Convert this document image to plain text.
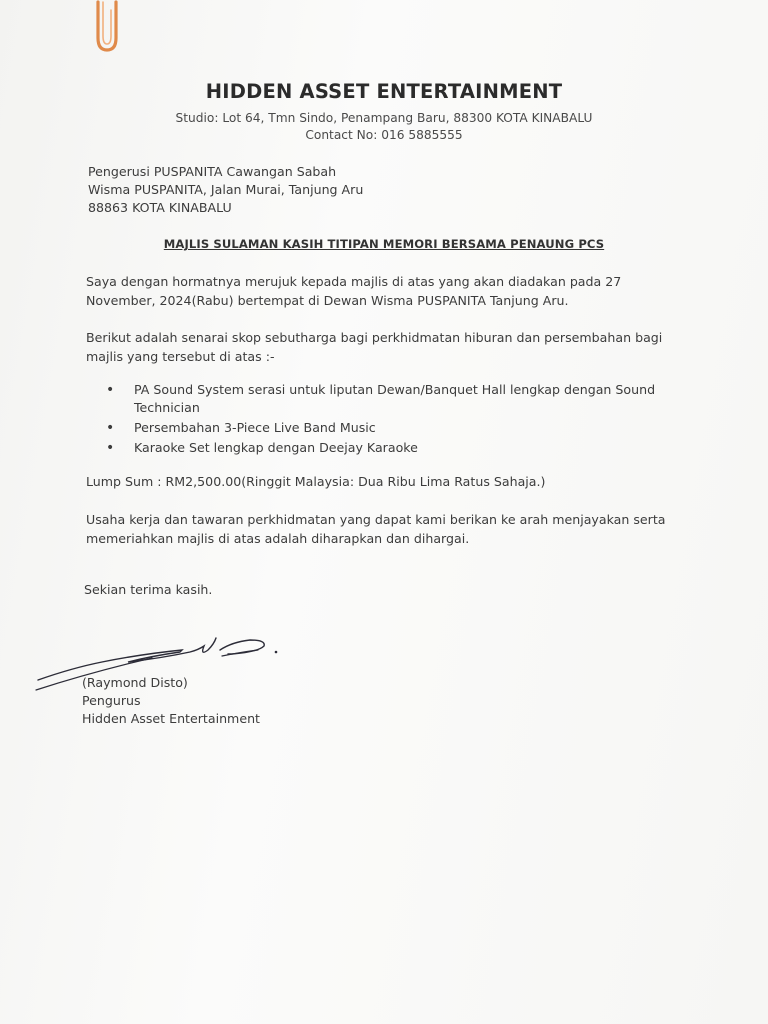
HIDDEN ASSET ENTERTAINMENT
Studio: Lot 64, Tmn Sindo, Penampang Baru, 88300 KOTA KINABALU
Contact No: 016 5885555
Pengerusi PUSPANITA Cawangan Sabah
Wisma PUSPANITA, Jalan Murai, Tanjung Aru
88863 KOTA KINABALU
MAJLIS SULAMAN KASIH TITIPAN MEMORI BERSAMA PENAUNG PCS
Saya dengan hormatnya merujuk kepada majlis di atas yang akan diadakan pada 27 November, 2024(Rabu) bertempat di Dewan Wisma PUSPANITA Tanjung Aru.
Berikut adalah senarai skop sebutharga bagi perkhidmatan hiburan dan persembahan bagi majlis yang tersebut di atas :-
• PA Sound System serasi untuk liputan Dewan/Banquet Hall lengkap dengan Sound Technician
• Persembahan 3-Piece Live Band Music
• Karaoke Set lengkap dengan Deejay Karaoke
Lump Sum : RM2,500.00(Ringgit Malaysia: Dua Ribu Lima Ratus Sahaja.)
Usaha kerja dan tawaran perkhidmatan yang dapat kami berikan ke arah menjayakan serta memeriahkan majlis di atas adalah diharapkan dan dihargai.
Sekian terima kasih.
(Raymond Disto)
Pengurus
Hidden Asset Entertainment
